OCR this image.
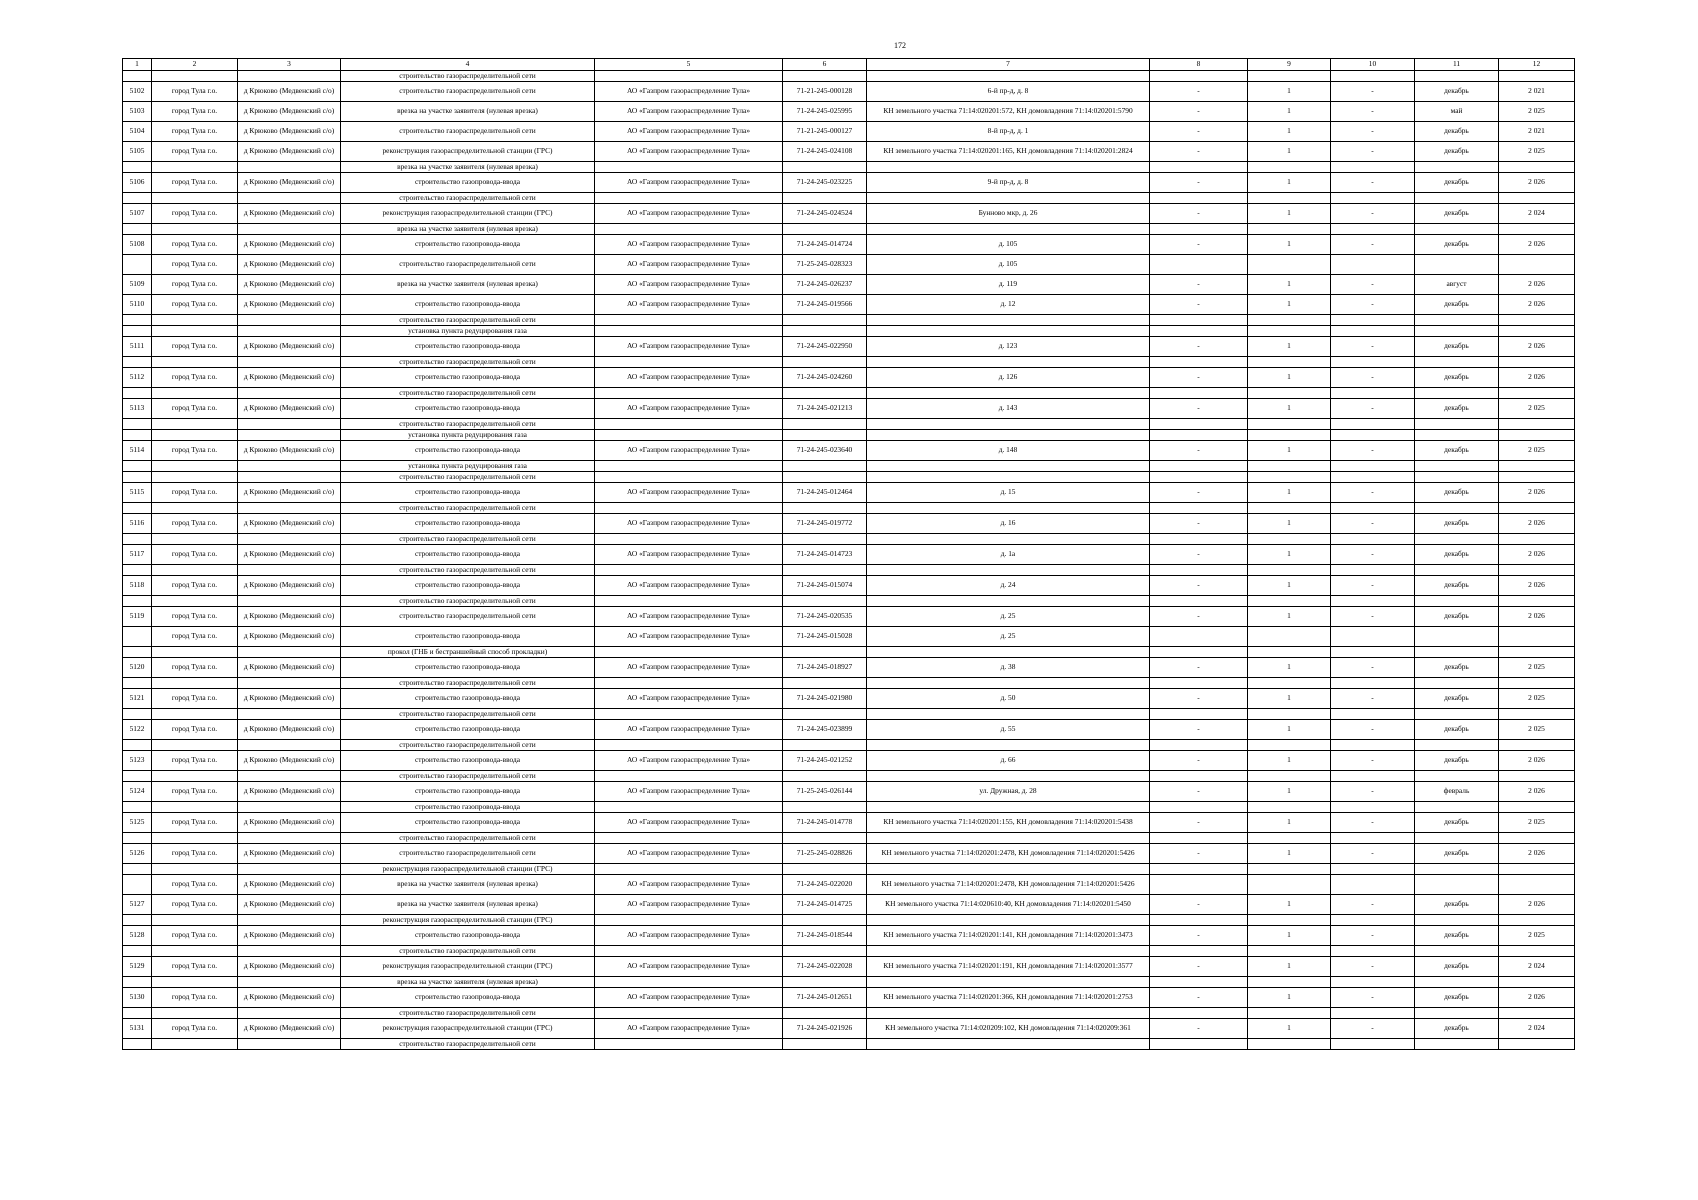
172
1	2	3	4	5	6	7	8	9	10	11	12
			строительство газораспределительной сети								
5102	город Тула г.о.	д Крюково (Медвенский с/о)	строительство газораспределительной сети	АО «Газпром газораспределение Тула»	71-21-245-000128	6-й пр-д, д. 8	-	1	-	декабрь	2 021
5103	город Тула г.о.	д Крюково (Медвенский с/о)	врезка на участке заявителя (нулевая врезка)	АО «Газпром газораспределение Тула»	71-24-245-025995	КН земельного участка 71:14:020201:572, КН домовладения 71:14:020201:5790	-	1	-	май	2 025
5104	город Тула г.о.	д Крюково (Медвенский с/о)	строительство газораспределительной сети	АО «Газпром газораспределение Тула»	71-21-245-000127	8-й пр-д, д. 1	-	1	-	декабрь	2 021
5105	город Тула г.о.	д Крюково (Медвенский с/о)	реконструкция газораспределительной станции (ГРС)	АО «Газпром газораспределение Тула»	71-24-245-024108	КН земельного участка 71:14:020201:165, КН домовладения 71:14:020201:2824	-	1	-	декабрь	2 025
			врезка на участке заявителя (нулевая врезка)								
5106	город Тула г.о.	д Крюково (Медвенский с/о)	строительство газопровода-ввода	АО «Газпром газораспределение Тула»	71-24-245-023225	9-й пр-д, д. 8	-	1	-	декабрь	2 026
			строительство газораспределительной сети								
5107	город Тула г.о.	д Крюково (Медвенский с/о)	реконструкция газораспределительной станции (ГРС)	АО «Газпром газораспределение Тула»	71-24-245-024524	Бунново мкр, д. 26	-	1	-	декабрь	2 024
			врезка на участке заявителя (нулевая врезка)								
5108	город Тула г.о.	д Крюково (Медвенский с/о)	строительство газопровода-ввода	АО «Газпром газораспределение Тула»	71-24-245-014724	д. 105	-	1	-	декабрь	2 026
	город Тула г.о.	д Крюково (Медвенский с/о)	строительство газораспределительной сети	АО «Газпром газораспределение Тула»	71-25-245-028323	д. 105					
5109	город Тула г.о.	д Крюково (Медвенский с/о)	врезка на участке заявителя (нулевая врезка)	АО «Газпром газораспределение Тула»	71-24-245-026237	д. 119	-	1	-	август	2 026
5110	город Тула г.о.	д Крюково (Медвенский с/о)	строительство газопровода-ввода	АО «Газпром газораспределение Тула»	71-24-245-019566	д. 12	-	1	-	декабрь	2 026
			строительство газораспределительной сети								
			установка пункта редуцирования газа								
5111	город Тула г.о.	д Крюково (Медвенский с/о)	строительство газопровода-ввода	АО «Газпром газораспределение Тула»	71-24-245-022950	д. 123	-	1	-	декабрь	2 026
			строительство газораспределительной сети								
5112	город Тула г.о.	д Крюково (Медвенский с/о)	строительство газопровода-ввода	АО «Газпром газораспределение Тула»	71-24-245-024260	д. 126	-	1	-	декабрь	2 026
			строительство газораспределительной сети								
5113	город Тула г.о.	д Крюково (Медвенский с/о)	строительство газопровода-ввода	АО «Газпром газораспределение Тула»	71-24-245-021213	д. 143	-	1	-	декабрь	2 025
			строительство газораспределительной сети								
			установка пункта редуцирования газа								
5114	город Тула г.о.	д Крюково (Медвенский с/о)	строительство газопровода-ввода	АО «Газпром газораспределение Тула»	71-24-245-023640	д. 148	-	1	-	декабрь	2 025
			установка пункта редуцирования газа								
			строительство газораспределительной сети								
5115	город Тула г.о.	д Крюково (Медвенский с/о)	строительство газопровода-ввода	АО «Газпром газораспределение Тула»	71-24-245-012464	д. 15	-	1	-	декабрь	2 026
			строительство газораспределительной сети								
5116	город Тула г.о.	д Крюково (Медвенский с/о)	строительство газопровода-ввода	АО «Газпром газораспределение Тула»	71-24-245-019772	д. 16	-	1	-	декабрь	2 026
			строительство газораспределительной сети								
5117	город Тула г.о.	д Крюково (Медвенский с/о)	строительство газопровода-ввода	АО «Газпром газораспределение Тула»	71-24-245-014723	д. 1а	-	1	-	декабрь	2 026
			строительство газораспределительной сети								
5118	город Тула г.о.	д Крюково (Медвенский с/о)	строительство газопровода-ввода	АО «Газпром газораспределение Тула»	71-24-245-015074	д. 24	-	1	-	декабрь	2 026
			строительство газораспределительной сети								
5119	город Тула г.о.	д Крюково (Медвенский с/о)	строительство газораспределительной сети	АО «Газпром газораспределение Тула»	71-24-245-020535	д. 25	-	1	-	декабрь	2 026
	город Тула г.о.	д Крюково (Медвенский с/о)	строительство газопровода-ввода	АО «Газпром газораспределение Тула»	71-24-245-015028	д. 25					
			прокол (ГНБ и бестраншейный способ прокладки)								
5120	город Тула г.о.	д Крюково (Медвенский с/о)	строительство газопровода-ввода	АО «Газпром газораспределение Тула»	71-24-245-018927	д. 38	-	1	-	декабрь	2 025
			строительство газораспределительной сети								
5121	город Тула г.о.	д Крюково (Медвенский с/о)	строительство газопровода-ввода	АО «Газпром газораспределение Тула»	71-24-245-021980	д. 50	-	1	-	декабрь	2 025
			строительство газораспределительной сети								
5122	город Тула г.о.	д Крюково (Медвенский с/о)	строительство газопровода-ввода	АО «Газпром газораспределение Тула»	71-24-245-023899	д. 55	-	1	-	декабрь	2 025
			строительство газораспределительной сети								
5123	город Тула г.о.	д Крюково (Медвенский с/о)	строительство газопровода-ввода	АО «Газпром газораспределение Тула»	71-24-245-021252	д. 66	-	1	-	декабрь	2 026
			строительство газораспределительной сети								
5124	город Тула г.о.	д Крюково (Медвенский с/о)	строительство газопровода-ввода	АО «Газпром газораспределение Тула»	71-25-245-026144	ул. Дружная, д. 28	-	1	-	февраль	2 026
			строительство газопровода-ввода								
5125	город Тула г.о.	д Крюково (Медвенский с/о)	строительство газопровода-ввода	АО «Газпром газораспределение Тула»	71-24-245-014778	КН земельного участка 71:14:020201:155, КН домовладения 71:14:020201:5438	-	1	-	декабрь	2 025
			строительство газораспределительной сети								
5126	город Тула г.о.	д Крюково (Медвенский с/о)	строительство газораспределительной сети	АО «Газпром газораспределение Тула»	71-25-245-028826	КН земельного участка 71:14:020201:2478, КН домовладения 71:14:020201:5426	-	1	-	декабрь	2 026
			реконструкция газораспределительной станции (ГРС)								
	город Тула г.о.	д Крюково (Медвенский с/о)	врезка на участке заявителя (нулевая врезка)	АО «Газпром газораспределение Тула»	71-24-245-022020	КН земельного участка 71:14:020201:2478, КН домовладения 71:14:020201:5426					
5127	город Тула г.о.	д Крюково (Медвенский с/о)	врезка на участке заявителя (нулевая врезка)	АО «Газпром газораспределение Тула»	71-24-245-014725	КН земельного участка 71:14:020610:40, КН домовладения 71:14:020201:5450	-	1	-	декабрь	2 026
			реконструкция газораспределительной станции (ГРС)								
5128	город Тула г.о.	д Крюково (Медвенский с/о)	строительство газопровода-ввода	АО «Газпром газораспределение Тула»	71-24-245-018544	КН земельного участка 71:14:020201:141, КН домовладения 71:14:020201:3473	-	1	-	декабрь	2 025
			строительство газораспределительной сети								
5129	город Тула г.о.	д Крюково (Медвенский с/о)	реконструкция газораспределительной станции (ГРС)	АО «Газпром газораспределение Тула»	71-24-245-022028	КН земельного участка 71:14:020201:191, КН домовладения 71:14:020201:3577	-	1	-	декабрь	2 024
			врезка на участке заявителя (нулевая врезка)								
5130	город Тула г.о.	д Крюково (Медвенский с/о)	строительство газопровода-ввода	АО «Газпром газораспределение Тула»	71-24-245-012651	КН земельного участка 71:14:020201:366, КН домовладения 71:14:020201:2753	-	1	-	декабрь	2 026
			строительство газораспределительной сети								
5131	город Тула г.о.	д Крюково (Медвенский с/о)	реконструкция газораспределительной станции (ГРС)	АО «Газпром газораспределение Тула»	71-24-245-021926	КН земельного участка 71:14:020209:102, КН домовладения 71:14:020209:361	-	1	-	декабрь	2 024
			строительство газораспределительной сети								
